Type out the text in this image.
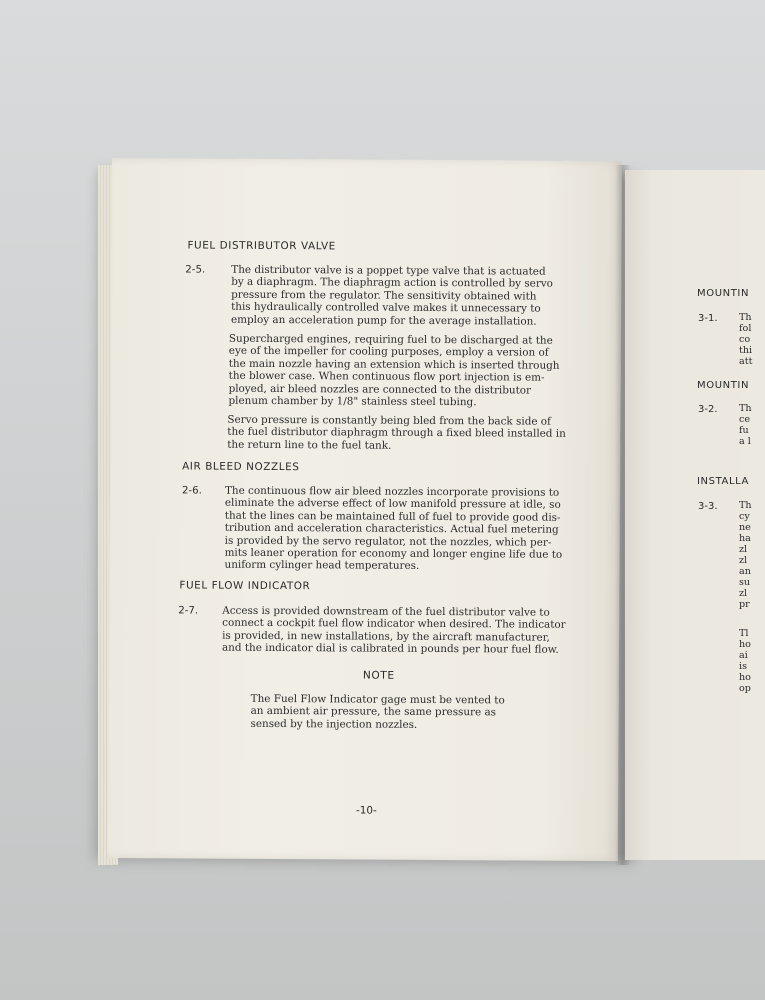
FUEL DISTRIBUTOR VALVE
2-5.	The distributor valve is a poppet type valve that is actuated
by a diaphragm. The diaphragm action is controlled by servo
pressure from the regulator. The sensitivity obtained with
this hydraulically controlled valve makes it unnecessary to
employ an acceleration pump for the average installation.
Supercharged engines, requiring fuel to be discharged at the
eye of the impeller for cooling purposes, employ a version of
the main nozzle having an extension which is inserted through
the blower case. When continuous flow port injection is em-
ployed, air bleed nozzles are connected to the distributor
plenum chamber by 1/8" stainless steel tubing.
Servo pressure is constantly being bled from the back side of
the fuel distributor diaphragm through a fixed bleed installed in
the return line to the fuel tank.
AIR BLEED NOZZLES
2-6. The continuous flow air bleed nozzles incorporate provisions to
eliminate the adverse effect of low manifold pressure at idle, so
that the lines can be maintained full of fuel to provide good dis-
tribution and acceleration characteristics. Actual fuel metering
is provided by the servo regulator, not the nozzles, which per-
mits leaner operation for economy and longer engine life due to
uniform cylinger head temperatures.
FUEL FLOW INDICATOR
2-7. Access is provided downstream of the fuel distributor valve to
connect a cockpit fuel flow indicator when desired. The indicator
is provided, in new installations, by the aircraft manufacturer,
and the indicator dial is calibrated in pounds per hour fuel flow.
NOTE
The Fuel Flow Indicator gage must be vented to
an ambient air pressure, the same pressure as
sensed by the injection nozzles.
-10-
MOUNTIN
3-1. Th
fol
co
thi
att
MOUNTIN
3-2. Th
ce
fu
a l
INSTALLA
3-3. Th
cy
ne
ha
zl
zl
an
su
zl
pr
Tl
ho
ai
is
ho
op
